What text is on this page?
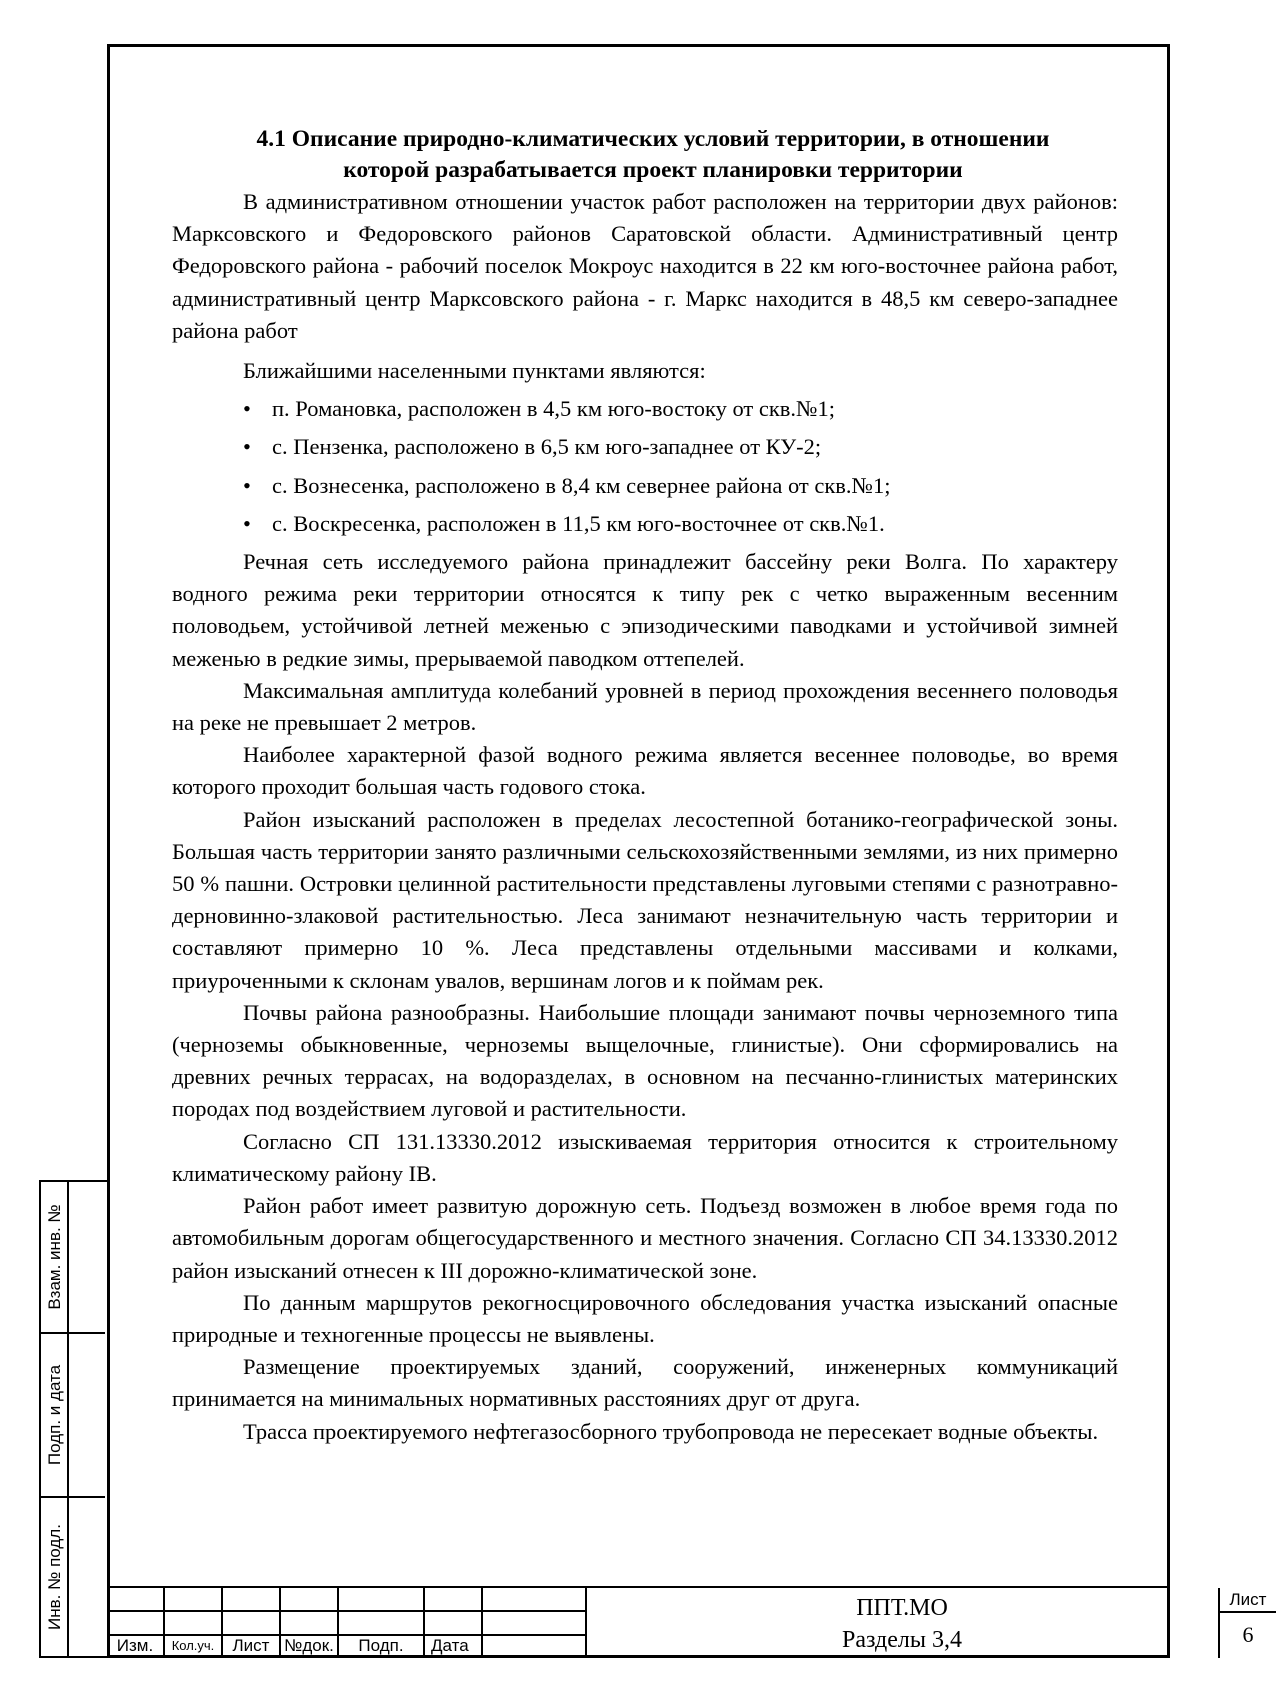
Взам. инв. №
Подп. и дата
Инв. № подл.
4.1 Описание природно-климатических условий территории, в отношении которой разрабатывается проект планировки территории
В административном отношении участок работ расположен на территории двух районов: Марксовского и Федоровского районов Саратовской области. Административный центр Федоровского района - рабочий поселок Мокроус находится в 22 км юго-восточнее района работ, административный центр Марксовского района - г. Маркс находится в 48,5 км северо-западнее района работ
Ближайшими населенными пунктами являются:
• п. Романовка, расположен в 4,5 км юго-востоку от скв.№1;
• с. Пензенка, расположено в 6,5 км юго-западнее от КУ-2;
• с. Вознесенка, расположено в 8,4 км севернее района от скв.№1;
• с. Воскресенка, расположен в 11,5 км юго-восточнее от скв.№1.
Речная сеть исследуемого района принадлежит бассейну реки Волга. По характеру водного режима реки территории относятся к типу рек с четко выраженным весенним половодьем, устойчивой летней меженью с эпизодическими паводками и устойчивой зимней меженью в редкие зимы, прерываемой паводком оттепелей.
Максимальная амплитуда колебаний уровней в период прохождения весеннего половодья на реке не превышает 2 метров.
Наиболее характерной фазой водного режима является весеннее половодье, во время которого проходит большая часть годового стока.
Район изысканий расположен в пределах лесостепной ботанико-географической зоны. Большая часть территории занято различными сельскохозяйственными землями, из них примерно 50 % пашни. Островки целинной растительности представлены луговыми степями с разнотравно-дерновинно-злаковой растительностью. Леса занимают незначительную часть территории и составляют примерно 10 %. Леса представлены отдельными массивами и колками, приуроченными к склонам увалов, вершинам логов и к поймам рек.
Почвы района разнообразны. Наибольшие площади занимают почвы черноземного типа (черноземы обыкновенные, черноземы выщелочные, глинистые). Они сформировались на древних речных террасах, на водоразделах, в основном на песчанно-глинистых материнских породах под воздействием луговой и растительности.
Согласно СП 131.13330.2012 изыскиваемая территория относится к строительному климатическому району IВ.
Район работ имеет развитую дорожную сеть. Подъезд возможен в любое время года по автомобильным дорогам общегосударственного и местного значения. Согласно СП 34.13330.2012 район изысканий отнесен к III дорожно-климатической зоне.
По данным маршрутов рекогносцировочного обследования участка изысканий опасные природные и техногенные процессы не выявлены.
Размещение проектируемых зданий, сооружений, инженерных коммуникаций принимается на минимальных нормативных расстояниях друг от друга.
Трасса проектируемого нефтегазосборного трубопровода не пересекает водные объекты.
Изм.	Кол.уч.	Лист №док.	Подп.	Дата
ППТ.МО
Разделы 3,4
Лист
6
